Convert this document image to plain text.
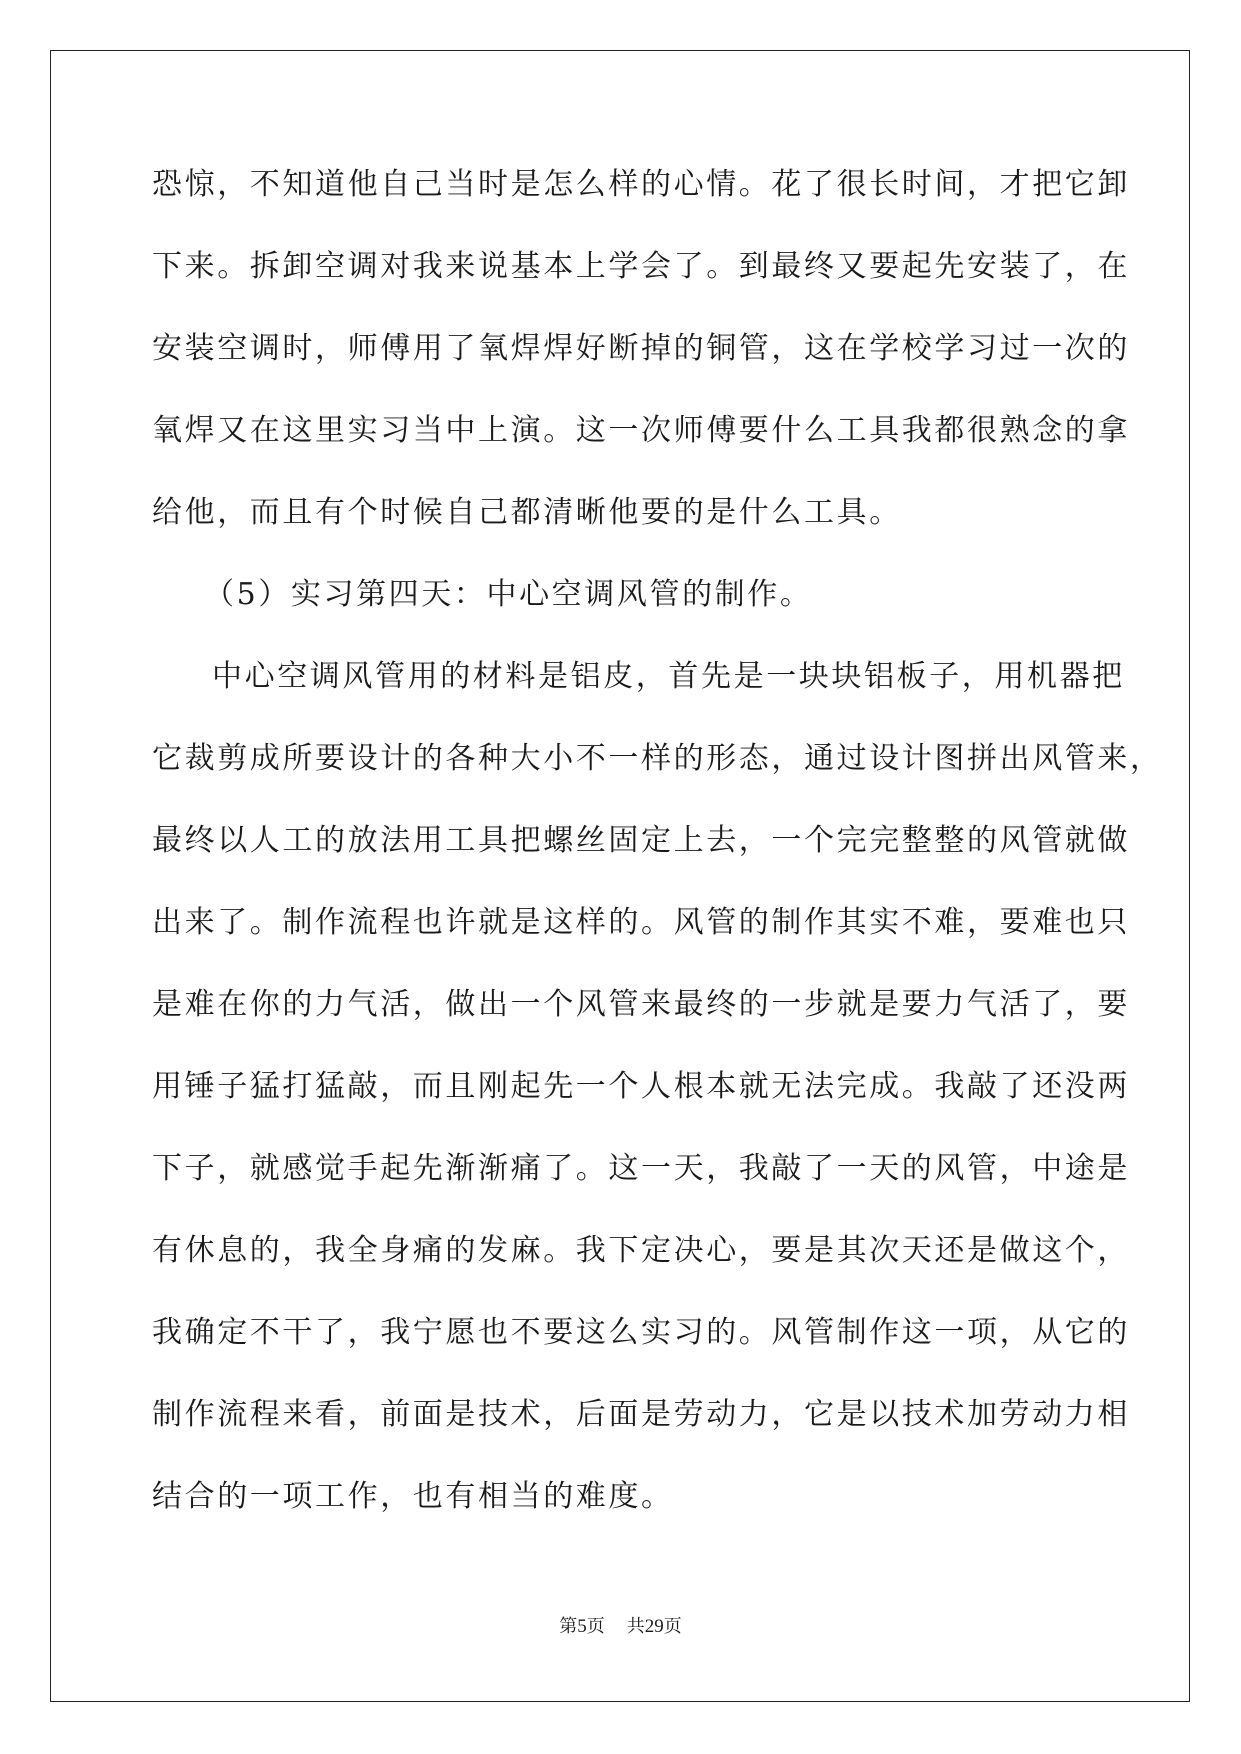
恐惊，不知道他自己当时是怎么样的心情。花了很长时间，才把它卸
下来。拆卸空调对我来说基本上学会了。到最终又要起先安装了，在
安装空调时，师傅用了氧焊焊好断掉的铜管，这在学校学习过一次的
氧焊又在这里实习当中上演。这一次师傅要什么工具我都很熟念的拿
给他，而且有个时候自己都清晰他要的是什么工具。
（5）实习第四天：中心空调风管的制作。
中心空调风管用的材料是铝皮，首先是一块块铝板子，用机器把
它裁剪成所要设计的各种大小不一样的形态，通过设计图拼出风管来，
最终以人工的放法用工具把螺丝固定上去，一个完完整整的风管就做
出来了。制作流程也许就是这样的。风管的制作其实不难，要难也只
是难在你的力气活，做出一个风管来最终的一步就是要力气活了，要
用锤子猛打猛敲，而且刚起先一个人根本就无法完成。我敲了还没两
下子，就感觉手起先渐渐痛了。这一天，我敲了一天的风管，中途是
有休息的，我全身痛的发麻。我下定决心，要是其次天还是做这个，
我确定不干了，我宁愿也不要这么实习的。风管制作这一项，从它的
制作流程来看，前面是技术，后面是劳动力，它是以技术加劳动力相
结合的一项工作，也有相当的难度。
第5页 共29页
